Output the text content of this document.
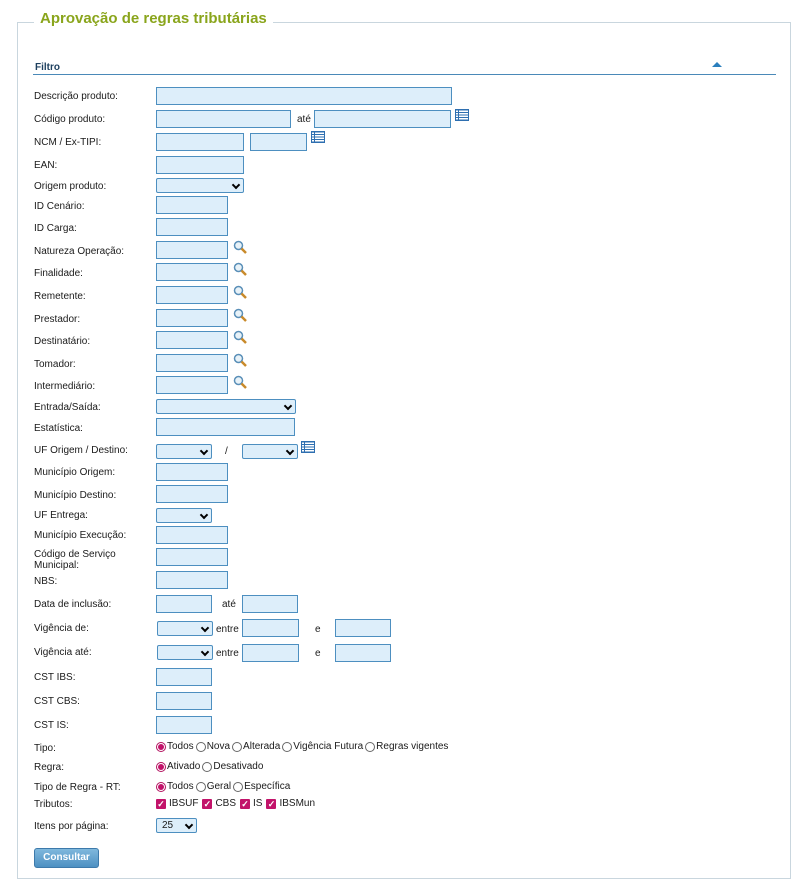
Aprovação de regras tributárias
Filtro
Descrição produto:
Código produto:	até
NCM / Ex-TIPI:
EAN:
Origem produto:
ID Cenário:
ID Carga:
Natureza Operação:
Finalidade:
Remetente:
Prestador:
Destinatário:
Tomador:
Intermediário:
Entrada/Saída:
Estatística:
UF Origem / Destino:	/
Município Origem:
Município Destino:
UF Entrega:
Município Execução:
Código de Serviço Municipal:
NBS:
Data de inclusão:	até
Vigência de:	entre	e
Vigência até:	entre	e
CST IBS:
CST CBS:
CST IS:
Tipo:	Todos Nova Alterada Vigência Futura Regras vigentes
Regra:	Ativado Desativado
Tipo de Regra - RT:	Todos Geral Específica
Tributos:	✓ IBSUF ✓ CBS ✓ IS ✓ IBSMun
Itens por página:	25
Consultar
